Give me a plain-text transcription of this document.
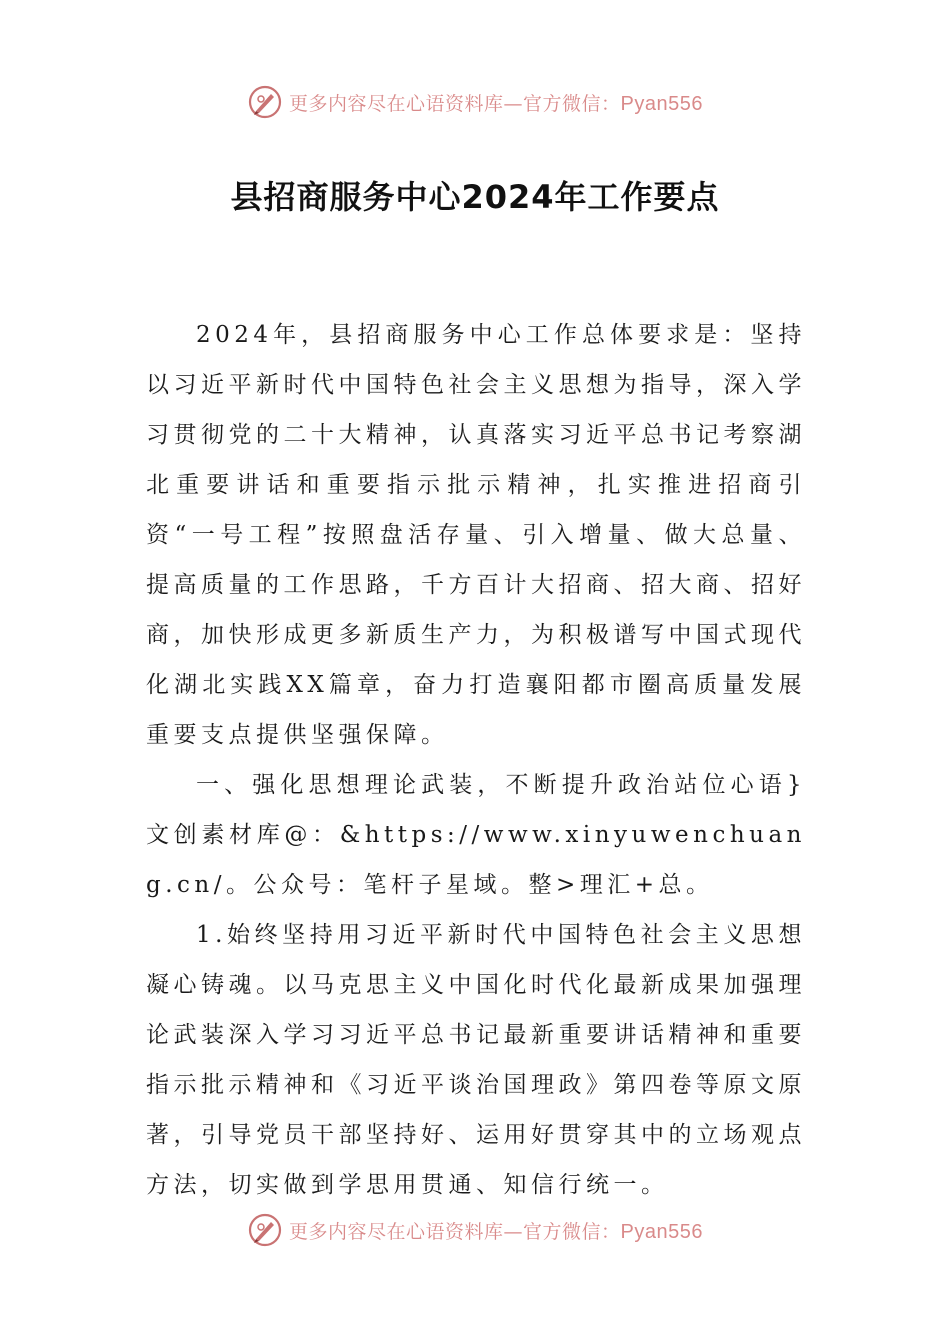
更多内容尽在心语资料库—官方微信：Pyan556
县招商服务中心2024年工作要点

2024年，县招商服务中心工作总体要求是：坚持以习近平新时代中国特色社会主义思想为指导，深入学习贯彻党的二十大精神，认真落实习近平总书记考察湖北重要讲话和重要指示批示精神，扎实推进招商引资“一号工程”按照盘活存量、引入增量、做大总量、提高质量的工作思路，千方百计大招商、招大商、招好商，加快形成更多新质生产力，为积极谱写中国式现代化湖北实践XX篇章，奋力打造襄阳都市圈高质量发展重要支点提供坚强保障。

一、强化思想理论武装，不断提升政治站位心语}文创素材库@：&https://www.xinyuwenchuang.cn/。公众号：笔杆子星域。整>理汇+总。

1.始终坚持用习近平新时代中国特色社会主义思想凝心铸魂。以马克思主义中国化时代化最新成果加强理论武装深入学习习近平总书记最新重要讲话精神和重要指示批示精神和《习近平谈治国理政》第四卷等原文原著，引导党员干部坚持好、运用好贯穿其中的立场观点方法，切实做到学思用贯通、知信行统一。

更多内容尽在心语资料库—官方微信：Pyan556
